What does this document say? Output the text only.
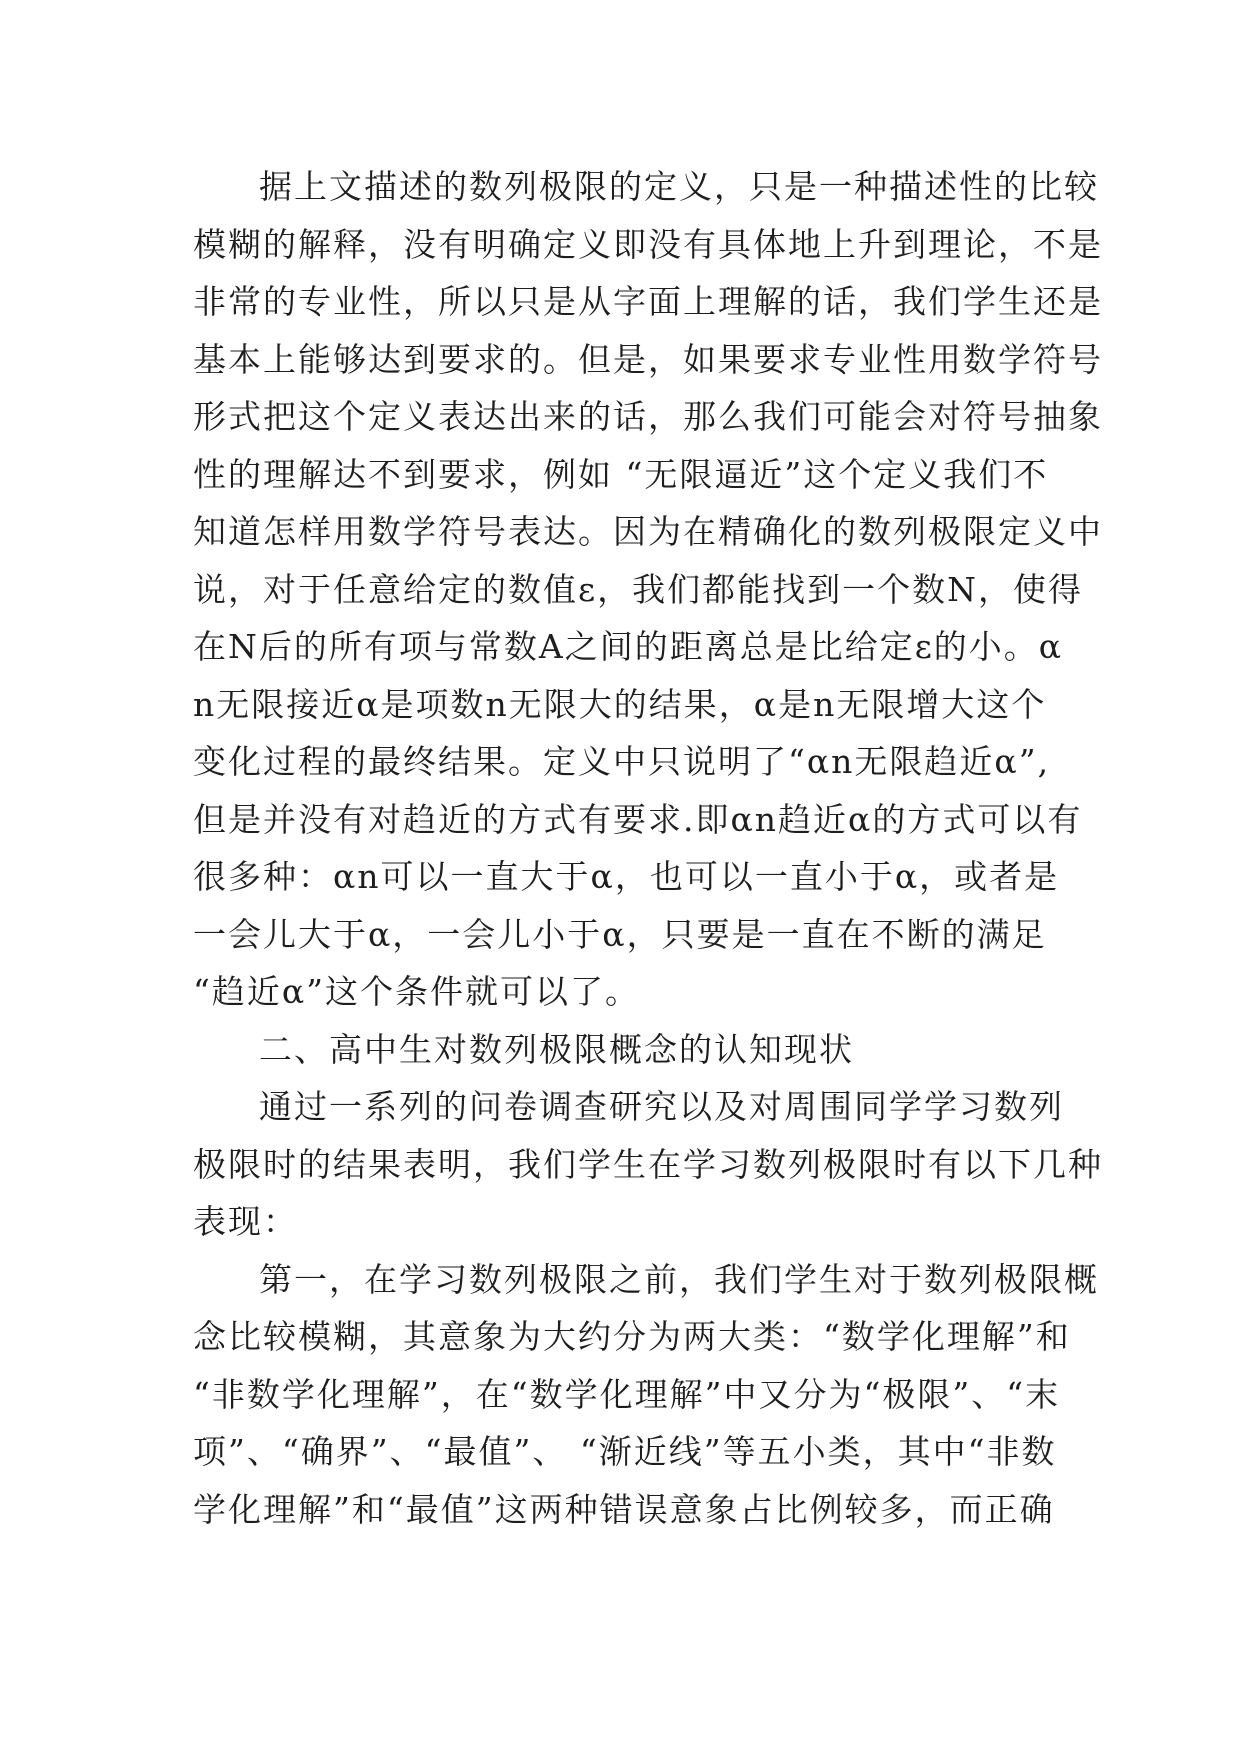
据上文描述的数列极限的定义，只是一种描述性的比较
模糊的解释，没有明确定义即没有具体地上升到理论，不是
非常的专业性，所以只是从字面上理解的话，我们学生还是
基本上能够达到要求的。但是，如果要求专业性用数学符号
形式把这个定义表达出来的话，那么我们可能会对符号抽象
性的理解达不到要求，例如 “无限逼近”这个定义我们不
知道怎样用数学符号表达。因为在精确化的数列极限定义中
说，对于任意给定的数值ε，我们都能找到一个数N，使得
在N后的所有项与常数A之间的距离总是比给定ε的小。α
n无限接近α是项数n无限大的结果，α是n无限增大这个
变化过程的最终结果。定义中只说明了“αn无限趋近α”,
但是并没有对趋近的方式有要求.即αn趋近α的方式可以有
很多种：αn可以一直大于α，也可以一直小于α，或者是
一会儿大于α，一会儿小于α，只要是一直在不断的满足
“趋近α”这个条件就可以了。
二、高中生对数列极限概念的认知现状
通过一系列的问卷调查研究以及对周围同学学习数列
极限时的结果表明，我们学生在学习数列极限时有以下几种
表现：
第一，在学习数列极限之前，我们学生对于数列极限概
念比较模糊，其意象为大约分为两大类：“数学化理解”和
“非数学化理解”，在“数学化理解”中又分为“极限”、“末
项”、“确界”、“最值”、 “渐近线”等五小类，其中“非数
学化理解”和“最值”这两种错误意象占比例较多，而正确
